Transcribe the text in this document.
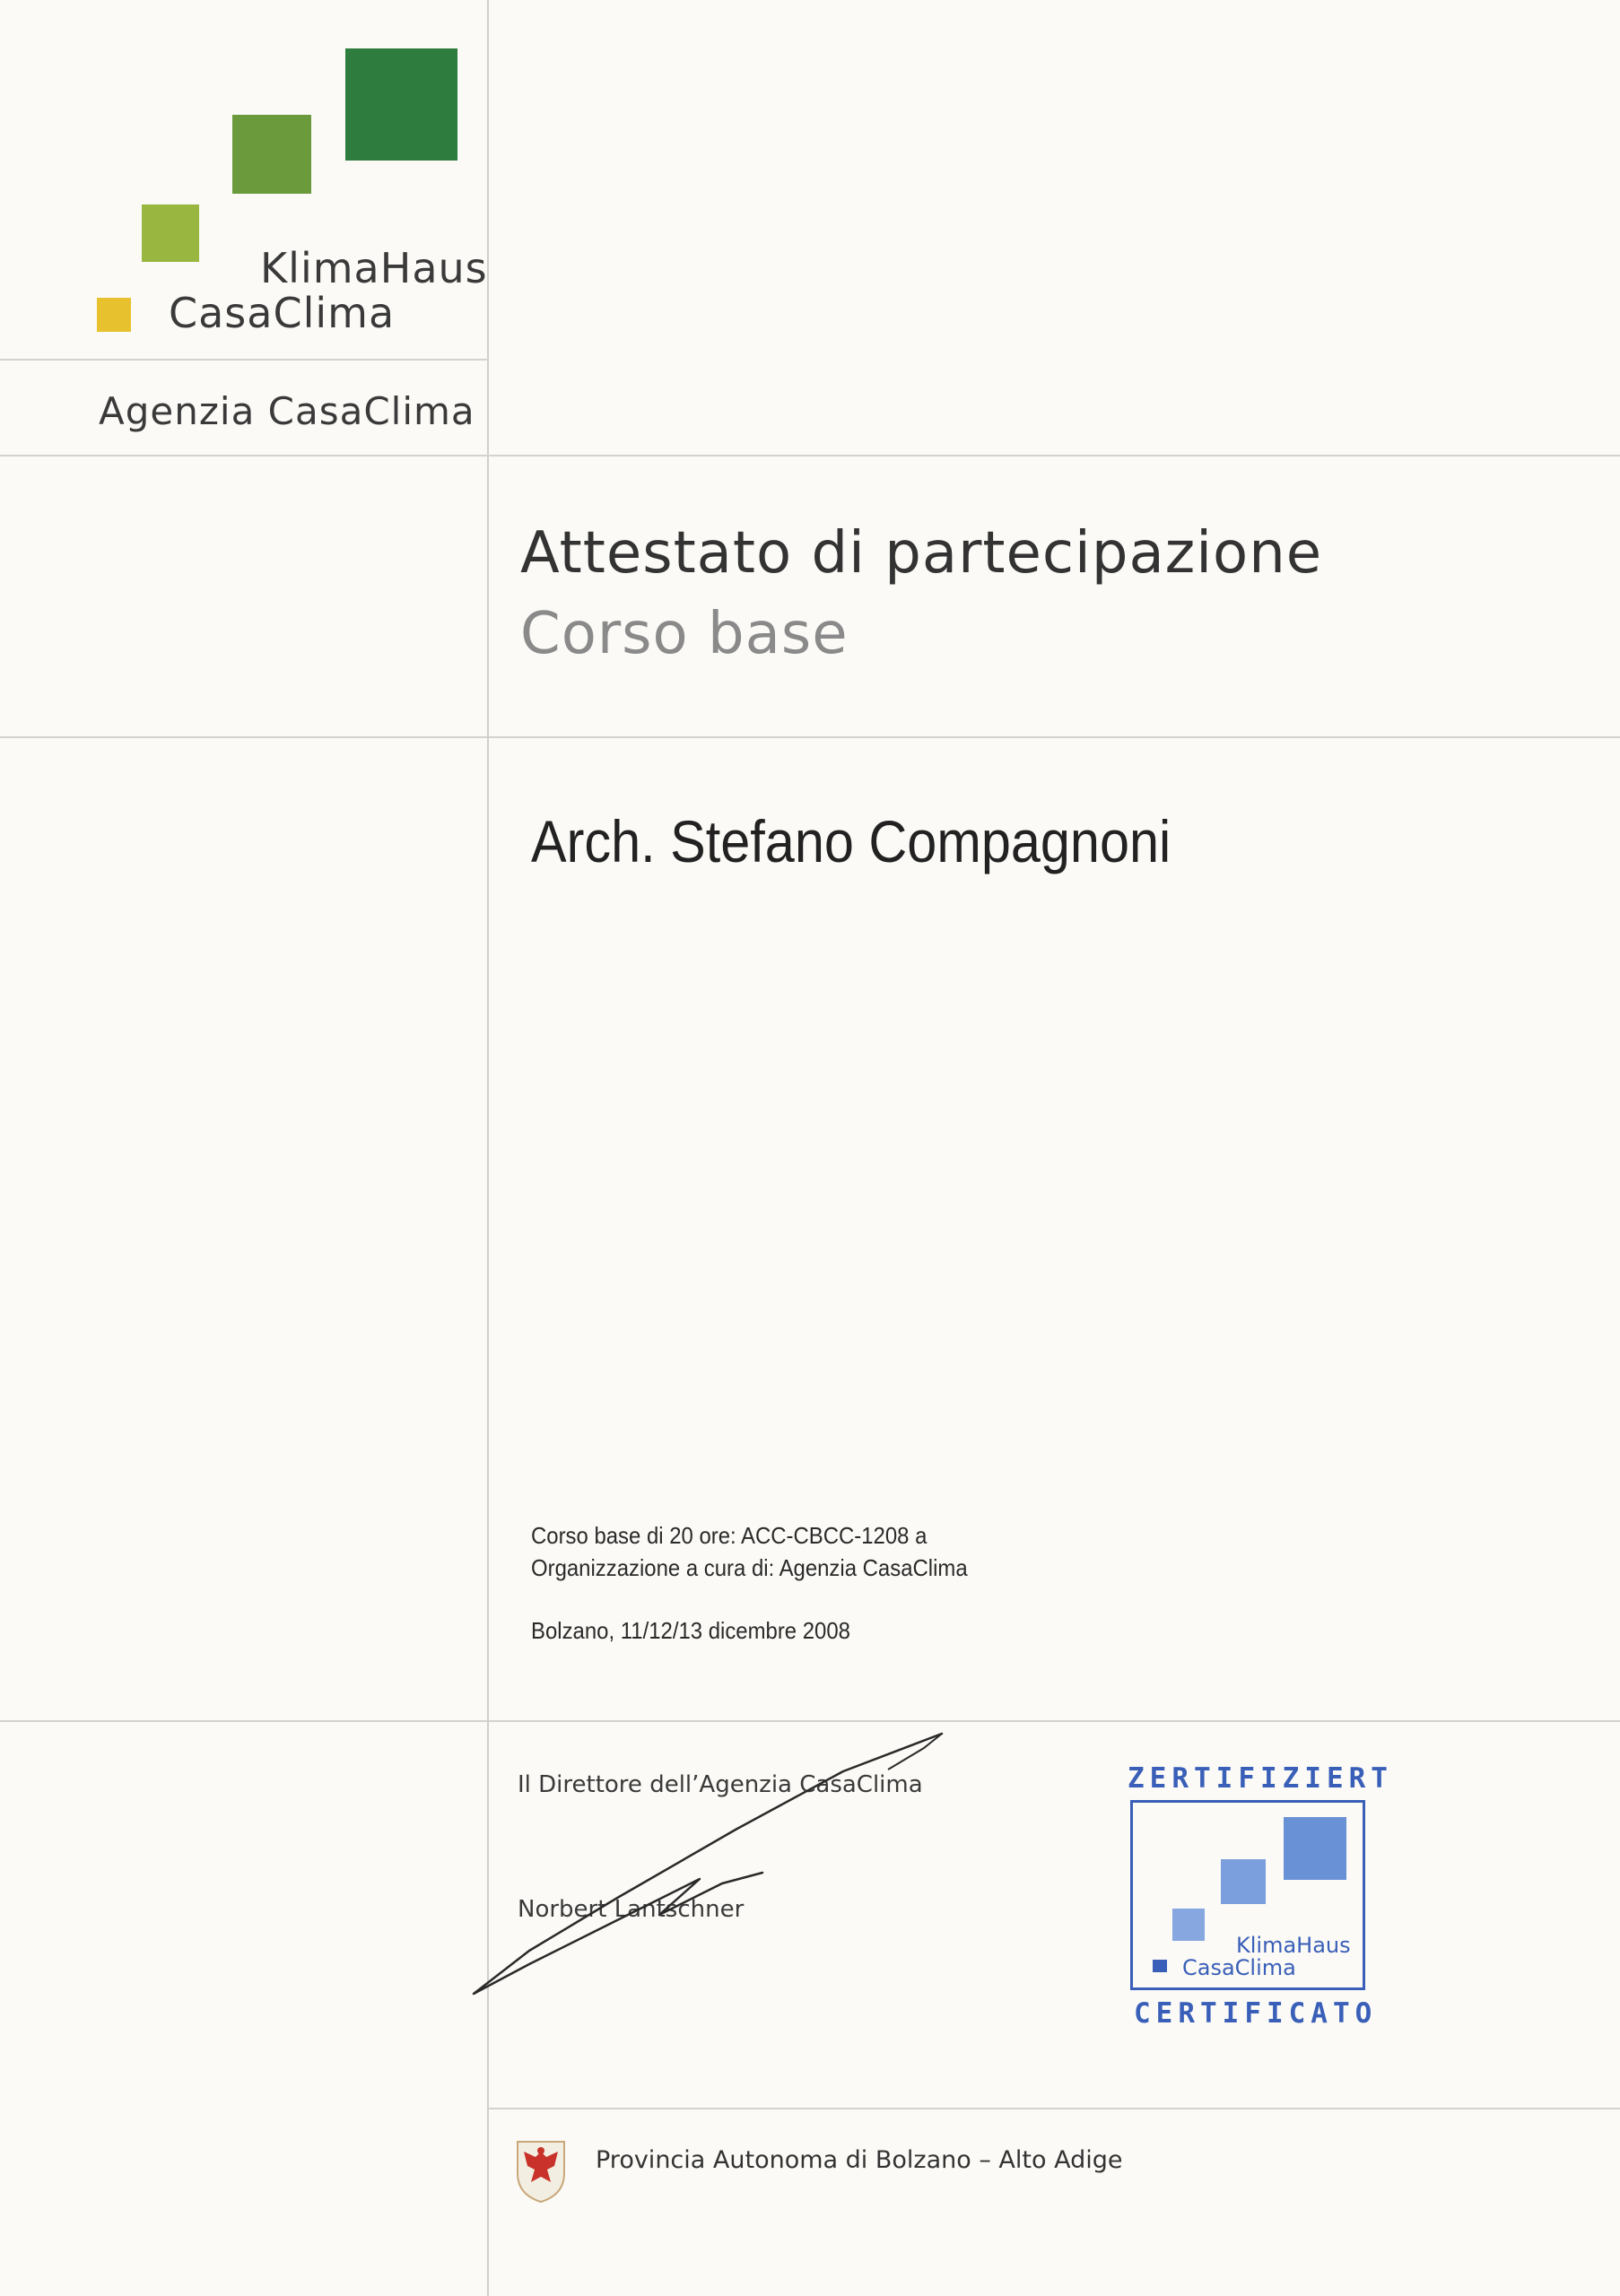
KlimaHaus
CasaClima
Agenzia CasaClima
Attestato di partecipazione
Corso base
Arch. Stefano Compagnoni
Corso base di 20 ore: ACC-CBCC-1208 a
Organizzazione a cura di: Agenzia CasaClima
Bolzano, 11/12/13 dicembre 2008
Il Direttore dell’Agenzia CasaClima
Norbert Lantschner
ZERTIFIZIERT
KlimaHaus
CasaClima
CERTIFICATO
Provincia Autonoma di Bolzano – Alto Adige
